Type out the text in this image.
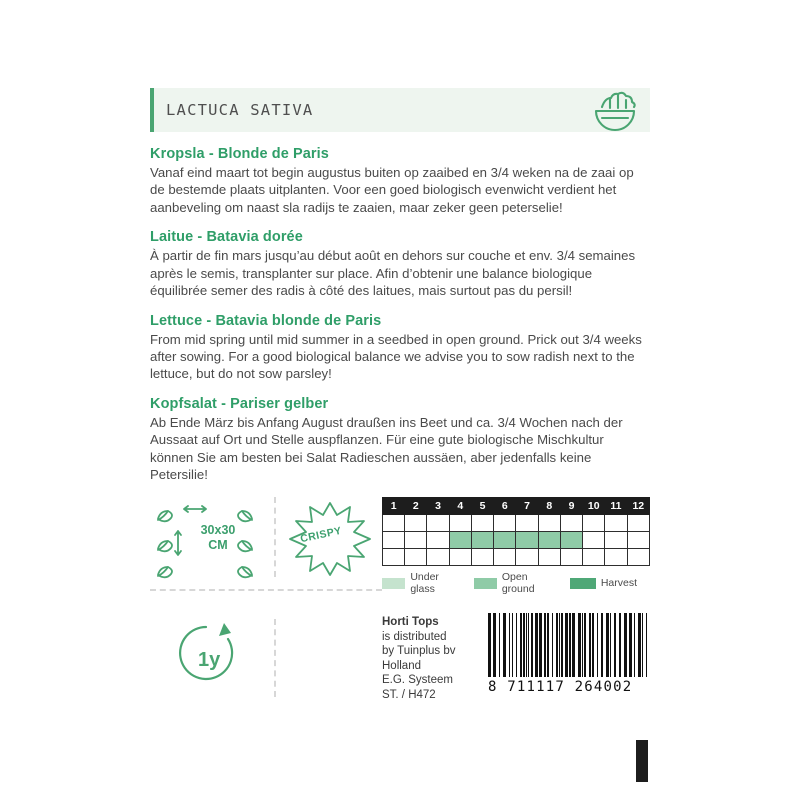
LACTUCA SATIVA

Kropsla - Blonde de Paris

Vanaf eind maart tot begin augustus buiten op zaaibed en 3/4 weken na de zaai op de bestemde plaats uitplanten. Voor een goed biologisch evenwicht verdient het aanbeveling om naast sla radijs te zaaien, maar zeker geen peterselie!

Laitue - Batavia dorée

À partir de fin mars jusqu’au début août en dehors sur couche et env. 3/4 semaines après le semis, transplanter sur place. Afin d’obtenir une balance biologique équilibrée semer des radis à côté des laitues, mais surtout pas du persil!

Lettuce - Batavia blonde de Paris

From mid spring until mid summer in a seedbed in open ground. Prick out 3/4 weeks after sowing. For a good biological balance we advise you to sow radish next to the lettuce, but do not sow parsley!

Kopfsalat - Pariser gelber

Ab Ende März bis Anfang August draußen ins Beet und ca. 3/4 Wochen nach der Aussaat auf Ort und Stelle auspflanzen. Für eine gute biologische Mischkultur können Sie am besten bei Salat Radieschen aussäen, aber jedenfalls keine Petersilie!

30x30
CM	CRISPY
1	2	3	4	5	6	7	8	9	10	11	12

Under glass
Open ground	Harvest
1y
Horti Tops
is distributed
by Tuinplus bv
Holland
E.G. Systeem
ST. / H472	8 711117 264002
